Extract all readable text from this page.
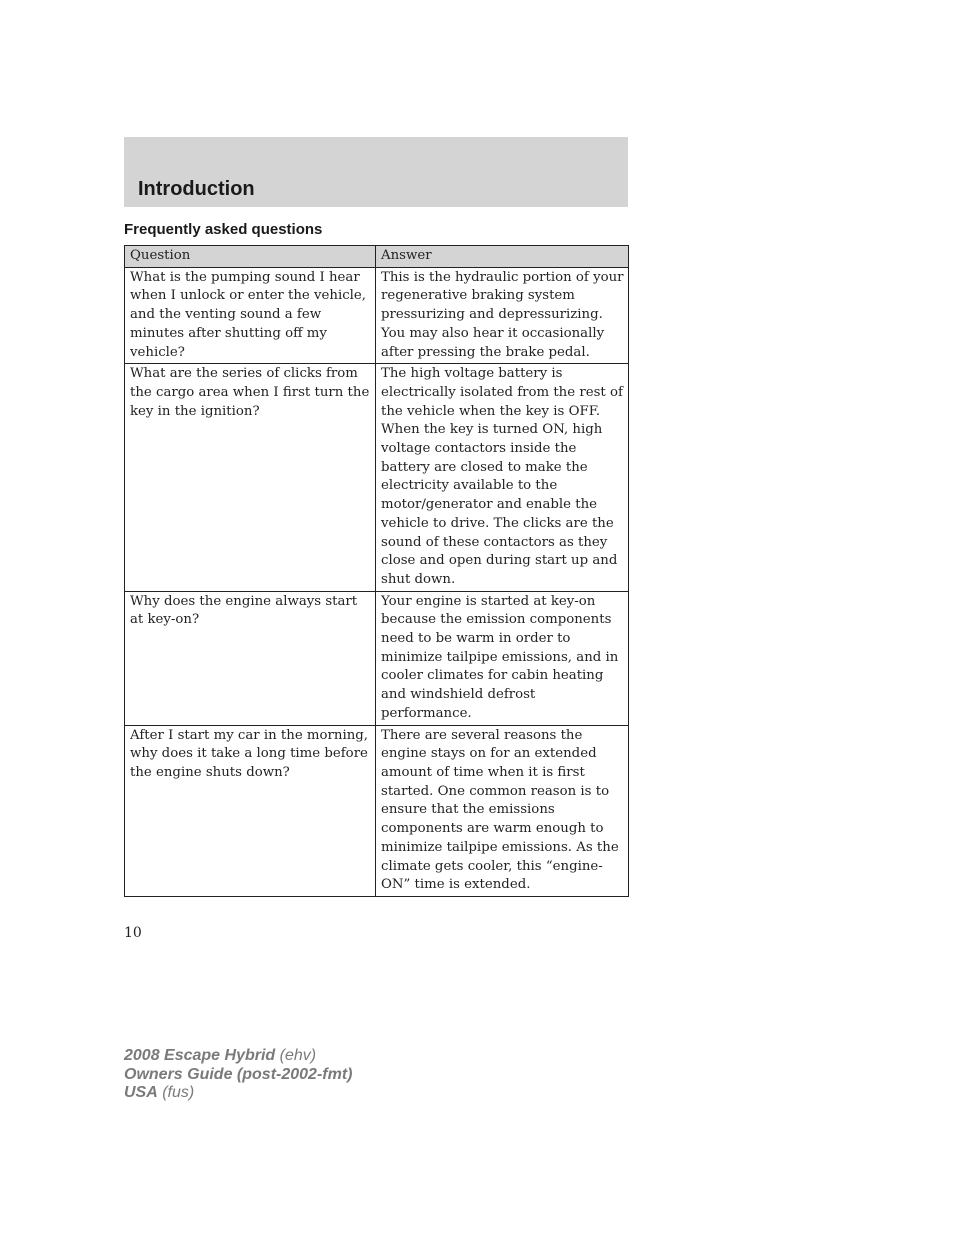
Introduction
Frequently asked questions
Question	Answer
What is the pumping sound I hear when I unlock or enter the vehicle, and the venting sound a few minutes after shutting off my vehicle?	This is the hydraulic portion of your regenerative braking system pressurizing and depressurizing. You may also hear it occasionally after pressing the brake pedal.
What are the series of clicks from the cargo area when I first turn the key in the ignition?	The high voltage battery is electrically isolated from the rest of the vehicle when the key is OFF. When the key is turned ON, high voltage contactors inside the battery are closed to make the electricity available to the motor/generator and enable the vehicle to drive. The clicks are the sound of these contactors as they close and open during start up and shut down.
Why does the engine always start at key-on?	Your engine is started at key-on because the emission components need to be warm in order to minimize tailpipe emissions, and in cooler climates for cabin heating and windshield defrost performance.
After I start my car in the morning, why does it take a long time before the engine shuts down?	There are several reasons the engine stays on for an extended amount of time when it is first started. One common reason is to ensure that the emissions components are warm enough to minimize tailpipe emissions. As the climate gets cooler, this “engine-ON” time is extended.
10
2008 Escape Hybrid (ehv)
Owners Guide (post-2002-fmt)
USA (fus)
